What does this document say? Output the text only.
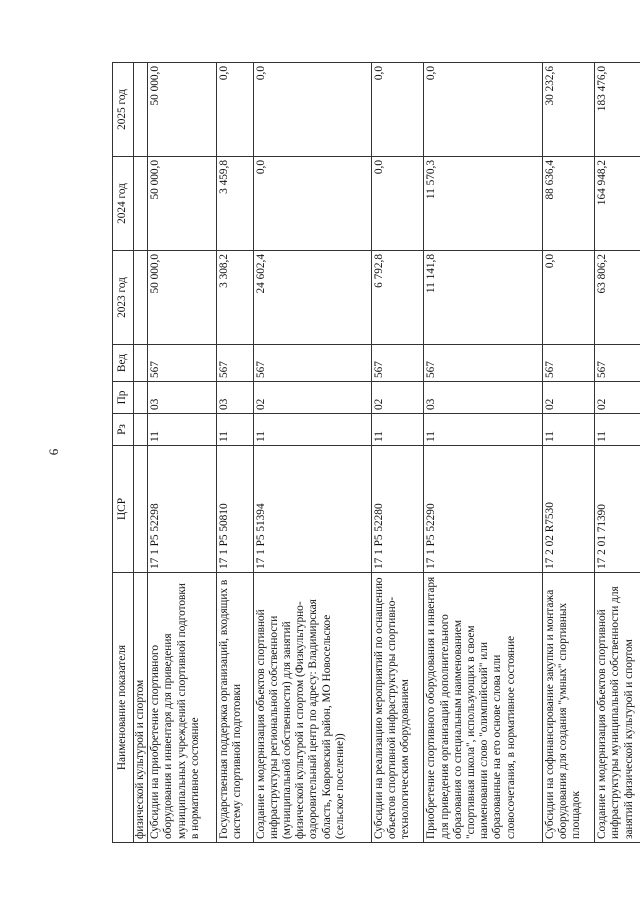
6
Наименование показателя	ЦСР	Рз	Пр	Вед	2023 год	2024 год	2025 год
физической культурой и спортом							
Субсидии на приобретение спортивного оборудования и инвентаря для приведения муниципальных учреждений спортивной подготовки в нормативное состояние	17 1 P5 52298	11	03	567	50 000,0	50 000,0	50 000,0
Государственная поддержка организаций, входящих в систему спортивной подготовки	17 1 P5 50810	11	03	567	3 308,2	3 459,8	0,0
Создание и модернизация объектов спортивной инфраструктуры региональной собственности (муниципальной собственности) для занятий физической культурой и спортом (Физкультурно-оздоровительный центр по адресу: Владимирская область, Ковровский район, МО Новосельское (сельское поселение))	17 1 P5 51394	11	02	567	24 602,4	0,0	0,0
Субсидии на реализацию мероприятий по оснащению объектов спортивной инфраструктуры спортивно-технологическим оборудованием	17 1 P5 52280	11	02	567	6 792,8	0,0	0,0
Приобретение спортивного оборудования и инвентаря для приведения организаций дополнительного образования со специальным наименованием "спортивная школа", использующих в своем наименовании слово "олимпийский" или образованные на его основе слова или словосочетания, в нормативное состояние	17 1 P5 52290	11	03	567	11 141,8	11 570,3	0,0
Субсидии на софинансирование закупки и монтажа оборудования для создания "умных" спортивных площадок	17 2 02 R7530	11	02	567	0,0	88 636,4	30 232,6
Создание и модернизация объектов спортивной инфраструктуры муниципальной собственности для занятий физической культурой и спортом	17 2 01 71390	11	02	567	63 806,2	164 948,2	183 476,0
